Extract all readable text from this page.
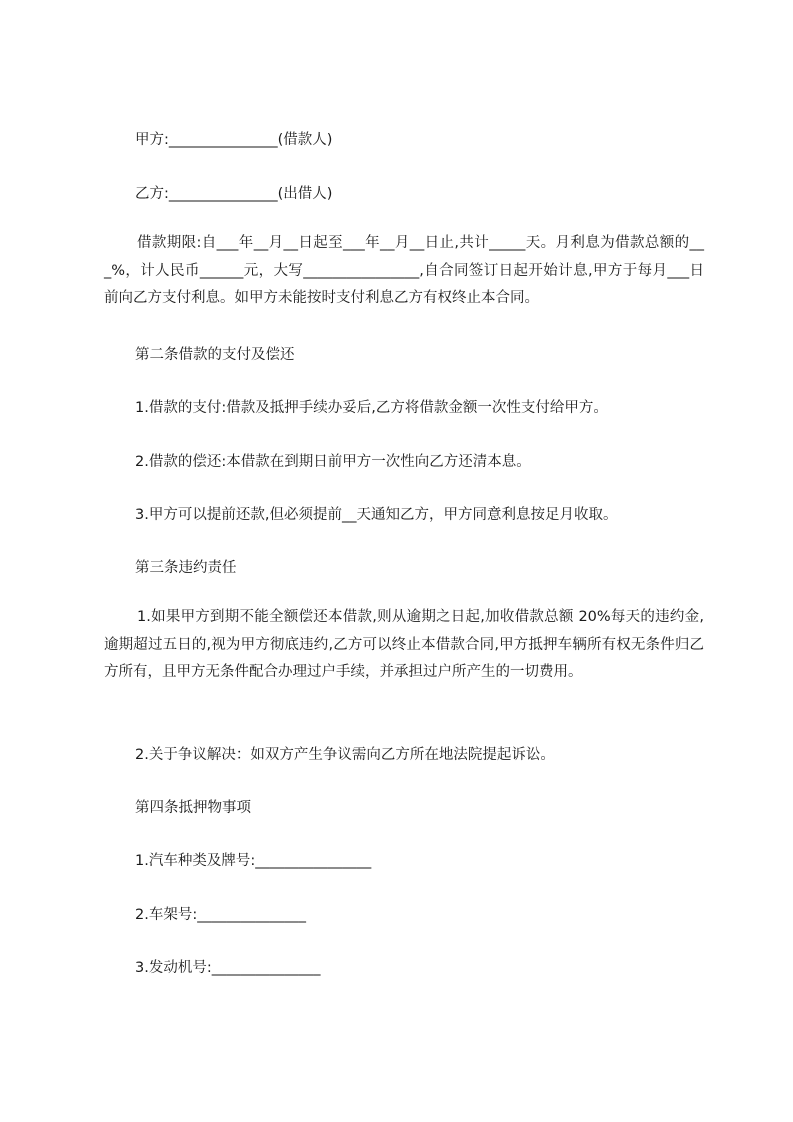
甲方:_______________(借款人)

乙方:_______________(出借人)

借款期限:自___年__月__日起至___年__月__日止,共计_____天。月利息为借款总额的___%，计人民币______元，大写________________,自合同签订日起开始计息,甲方于每月___日前向乙方支付利息。如甲方未能按时支付利息乙方有权终止本合同。

第二条借款的支付及偿还

1.借款的支付:借款及抵押手续办妥后,乙方将借款金额一次性支付给甲方。

2.借款的偿还:本借款在到期日前甲方一次性向乙方还清本息。

3.甲方可以提前还款,但必须提前__天通知乙方，甲方同意利息按足月收取。

第三条违约责任

1.如果甲方到期不能全额偿还本借款,则从逾期之日起,加收借款总额 20%每天的违约金,逾期超过五日的,视为甲方彻底违约,乙方可以终止本借款合同,甲方抵押车辆所有权无条件归乙方所有，且甲方无条件配合办理过户手续，并承担过户所产生的一切费用。

2.关于争议解决：如双方产生争议需向乙方所在地法院提起诉讼。

第四条抵押物事项

1.汽车种类及牌号:________________

2.车架号:_______________

3.发动机号:_______________
